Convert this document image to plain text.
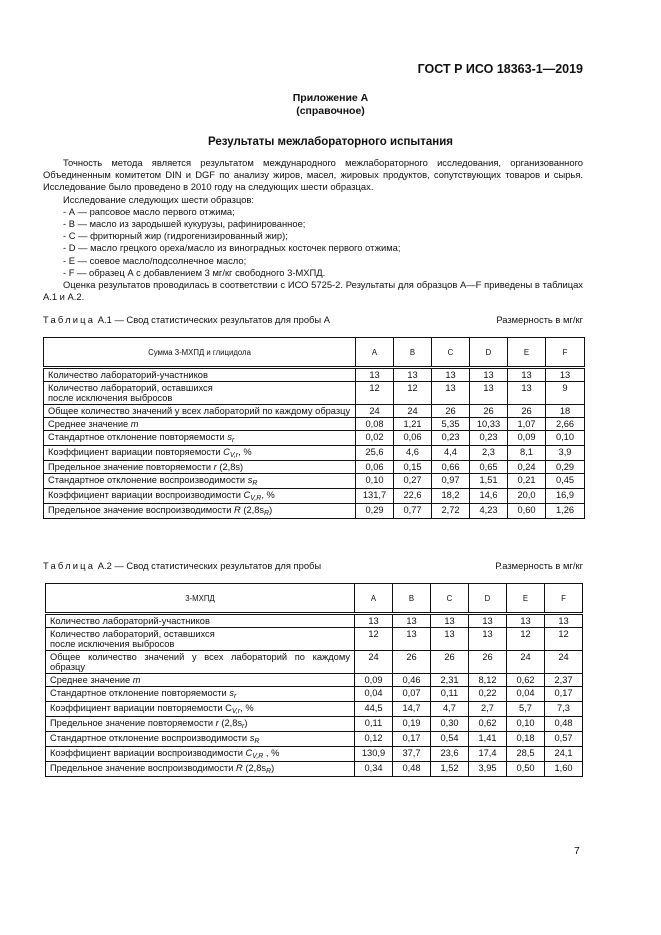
ГОСТ Р ИСО 18363-1—2019
Приложение А
(справочное)
Результаты межлабораторного испытания

Точность метода является результатом международного межлабораторного исследования, организованного Объединенным комитетом DIN и DGF по анализу жиров, масел, жировых продуктов, сопутствующих товаров и сырья. Исследование было проведено в 2010 году на следующих шести образцах.

Исследование следующих шести образцов:

- А — рапсовое масло первого отжима;

- В — масло из зародышей кукурузы, рафинированное;

- С — фритюрный жир (гидрогенизированный жир);

- D — масло грецкого ореха/масло из виноградных косточек первого отжима;

- Е — соевое масло/подсолнечное масло;

- F — образец А с добавлением 3 мг/кг свободного 3-МХПД.

Оценка результатов проводилась в соответствии с ИСО 5725-2. Результаты для образцов А—F приведены в таблицах А.1 и А.2.

Таблица А.1 — Свод статистических результатов для пробы А	Размерность в мг/кг
Сумма 3-МХПД и глицидола	A	B	C	D	E	F
Количество лабораторий-участников	13	13	13	13	13	13
Количество лабораторий, оставшихся
после исключения выбросов	12	12	13	13	13	9
Общее количество значений у всех лабораторий по каждому образцу	24	24	26	26	26	18
Среднее значение m	0,08	1,21	5,35	10,33	1,07	2,66
Стандартное отклонение повторяемости $s_r$	0,02	0,06	0,23	0,23	0,09	0,10
Коэффициент вариации повторяемости $C_{V,r}$, %	25,6	4,6	4,4	2,3	8,1	3,9
Предельное значение повторяемости r (2,8s)	0,06	0,15	0,66	0,65	0,24	0,29
Стандартное отклонение воспроизводимости $s_R$	0,10	0,27	0,97	1,51	0,21	0,45
Коэффициент вариации воспроизводимости $C_{V,R}$, %	131,7	22,6	18,2	14,6	20,0	16,9
Предельное значение воспроизводимости R $(2,8s_R)$	0,29	0,77	2,72	4,23	0,60	1,26
Таблица А.2 — Свод статистических результатов для пробы	Р.азмерность в мг/кг
3-МХПД	A	B	C	D	E	F
Количество лабораторий-участников	13	13	13	13	13	13
Количество лабораторий, оставшихся
после исключения выбросов	12	13	13	13	12	12
Общее количество значений у всех лабораторий по каждому образцу	24	26	26	26	24	24
Среднее значение m	0,09	0,46	2,31	8,12	0,62	2,37
Стандартное отклонение повторяемости $s_r$	0,04	0,07	0,11	0,22	0,04	0,17
Коэффициент вариации повторяемости $C_{V,r}$, %	44,5	14,7	4,7	2,7	5,7	7,3
Предельное значение повторяемости r $(2,8s_r)$	0,11	0,19	0,30	0,62	0,10	0,48
Стандартное отклонение воспроизводимости $s_R$	0,12	0,17	0,54	1,41	0,18	0,57
Коэффициент вариации воспроизводимости $C_{V,R}$ , %	130,9	37,7	23,6	17,4	28,5	24,1
Предельное значение воспроизводимости R $(2,8s_R)$	0,34	0,48	1,52	3,95	0,50	1,60
7
